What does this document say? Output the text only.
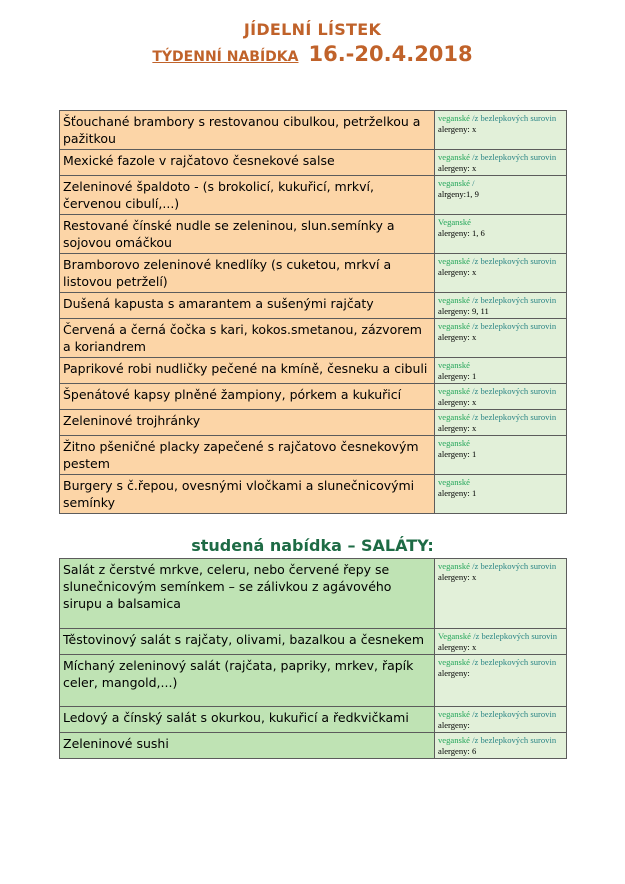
JÍDELNÍ LÍSTEK
TÝDENNÍ NABÍDKA 16.-20.4.2018
Šťouchané brambory s restovanou cibulkou, petrželkou a pažitkou	veganské /z bezlepkových surovin
alergeny: x

Mexické fazole v rajčatovo česnekové salse	veganské /z bezlepkových surovin
alergeny: x

Zeleninové špaldoto - (s brokolicí, kukuřicí, mrkví, červenou cibulí,...)	veganské /
alrgeny:1, 9

Restované čínské nudle se zeleninou, slun.semínky a sojovou omáčkou	Veganské
alergeny: 1, 6

Bramborovo zeleninové knedlíky (s cuketou, mrkví a listovou petrželí)	veganské /z bezlepkových surovin
alergeny: x

Dušená kapusta s amarantem a sušenými rajčaty	veganské /z bezlepkových surovin
alergeny: 9, 11

Červená a černá čočka s kari, kokos.smetanou, zázvorem a koriandrem	veganské /z bezlepkových surovin
alergeny: x

Paprikové robi nudličky pečené na kmíně, česneku a cibuli	veganské
alergeny: 1

Špenátové kapsy plněné žampiony, pórkem a kukuřicí	veganské /z bezlepkových surovin
alergeny: x

Zeleninové trojhránky	veganské /z bezlepkových surovin
alergeny: x

Žitno pšeničné placky zapečené s rajčatovo česnekovým pestem	veganské
alergeny: 1

Burgery s č.řepou, ovesnými vločkami a slunečnicovými semínky	veganské
alergeny: 1
studená nabídka – SALÁTY:
Salát z čerstvé mrkve, celeru, nebo červené řepy se slunečnicovým semínkem – se zálivkou z agávového sirupu a balsamica	veganské /z bezlepkových surovin
alergeny: x

Těstovinový salát s rajčaty, olivami, bazalkou a česnekem	Veganské /z bezlepkových surovin
alergeny: x

Míchaný zeleninový salát (rajčata, papriky, mrkev, řapík celer, mangold,...)	veganské /z bezlepkových surovin
alergeny:

Ledový a čínský salát s okurkou, kukuřicí a ředkvičkami	veganské /z bezlepkových surovin
alergeny:

Zeleninové sushi	veganské /z bezlepkových surovin
alergeny: 6
